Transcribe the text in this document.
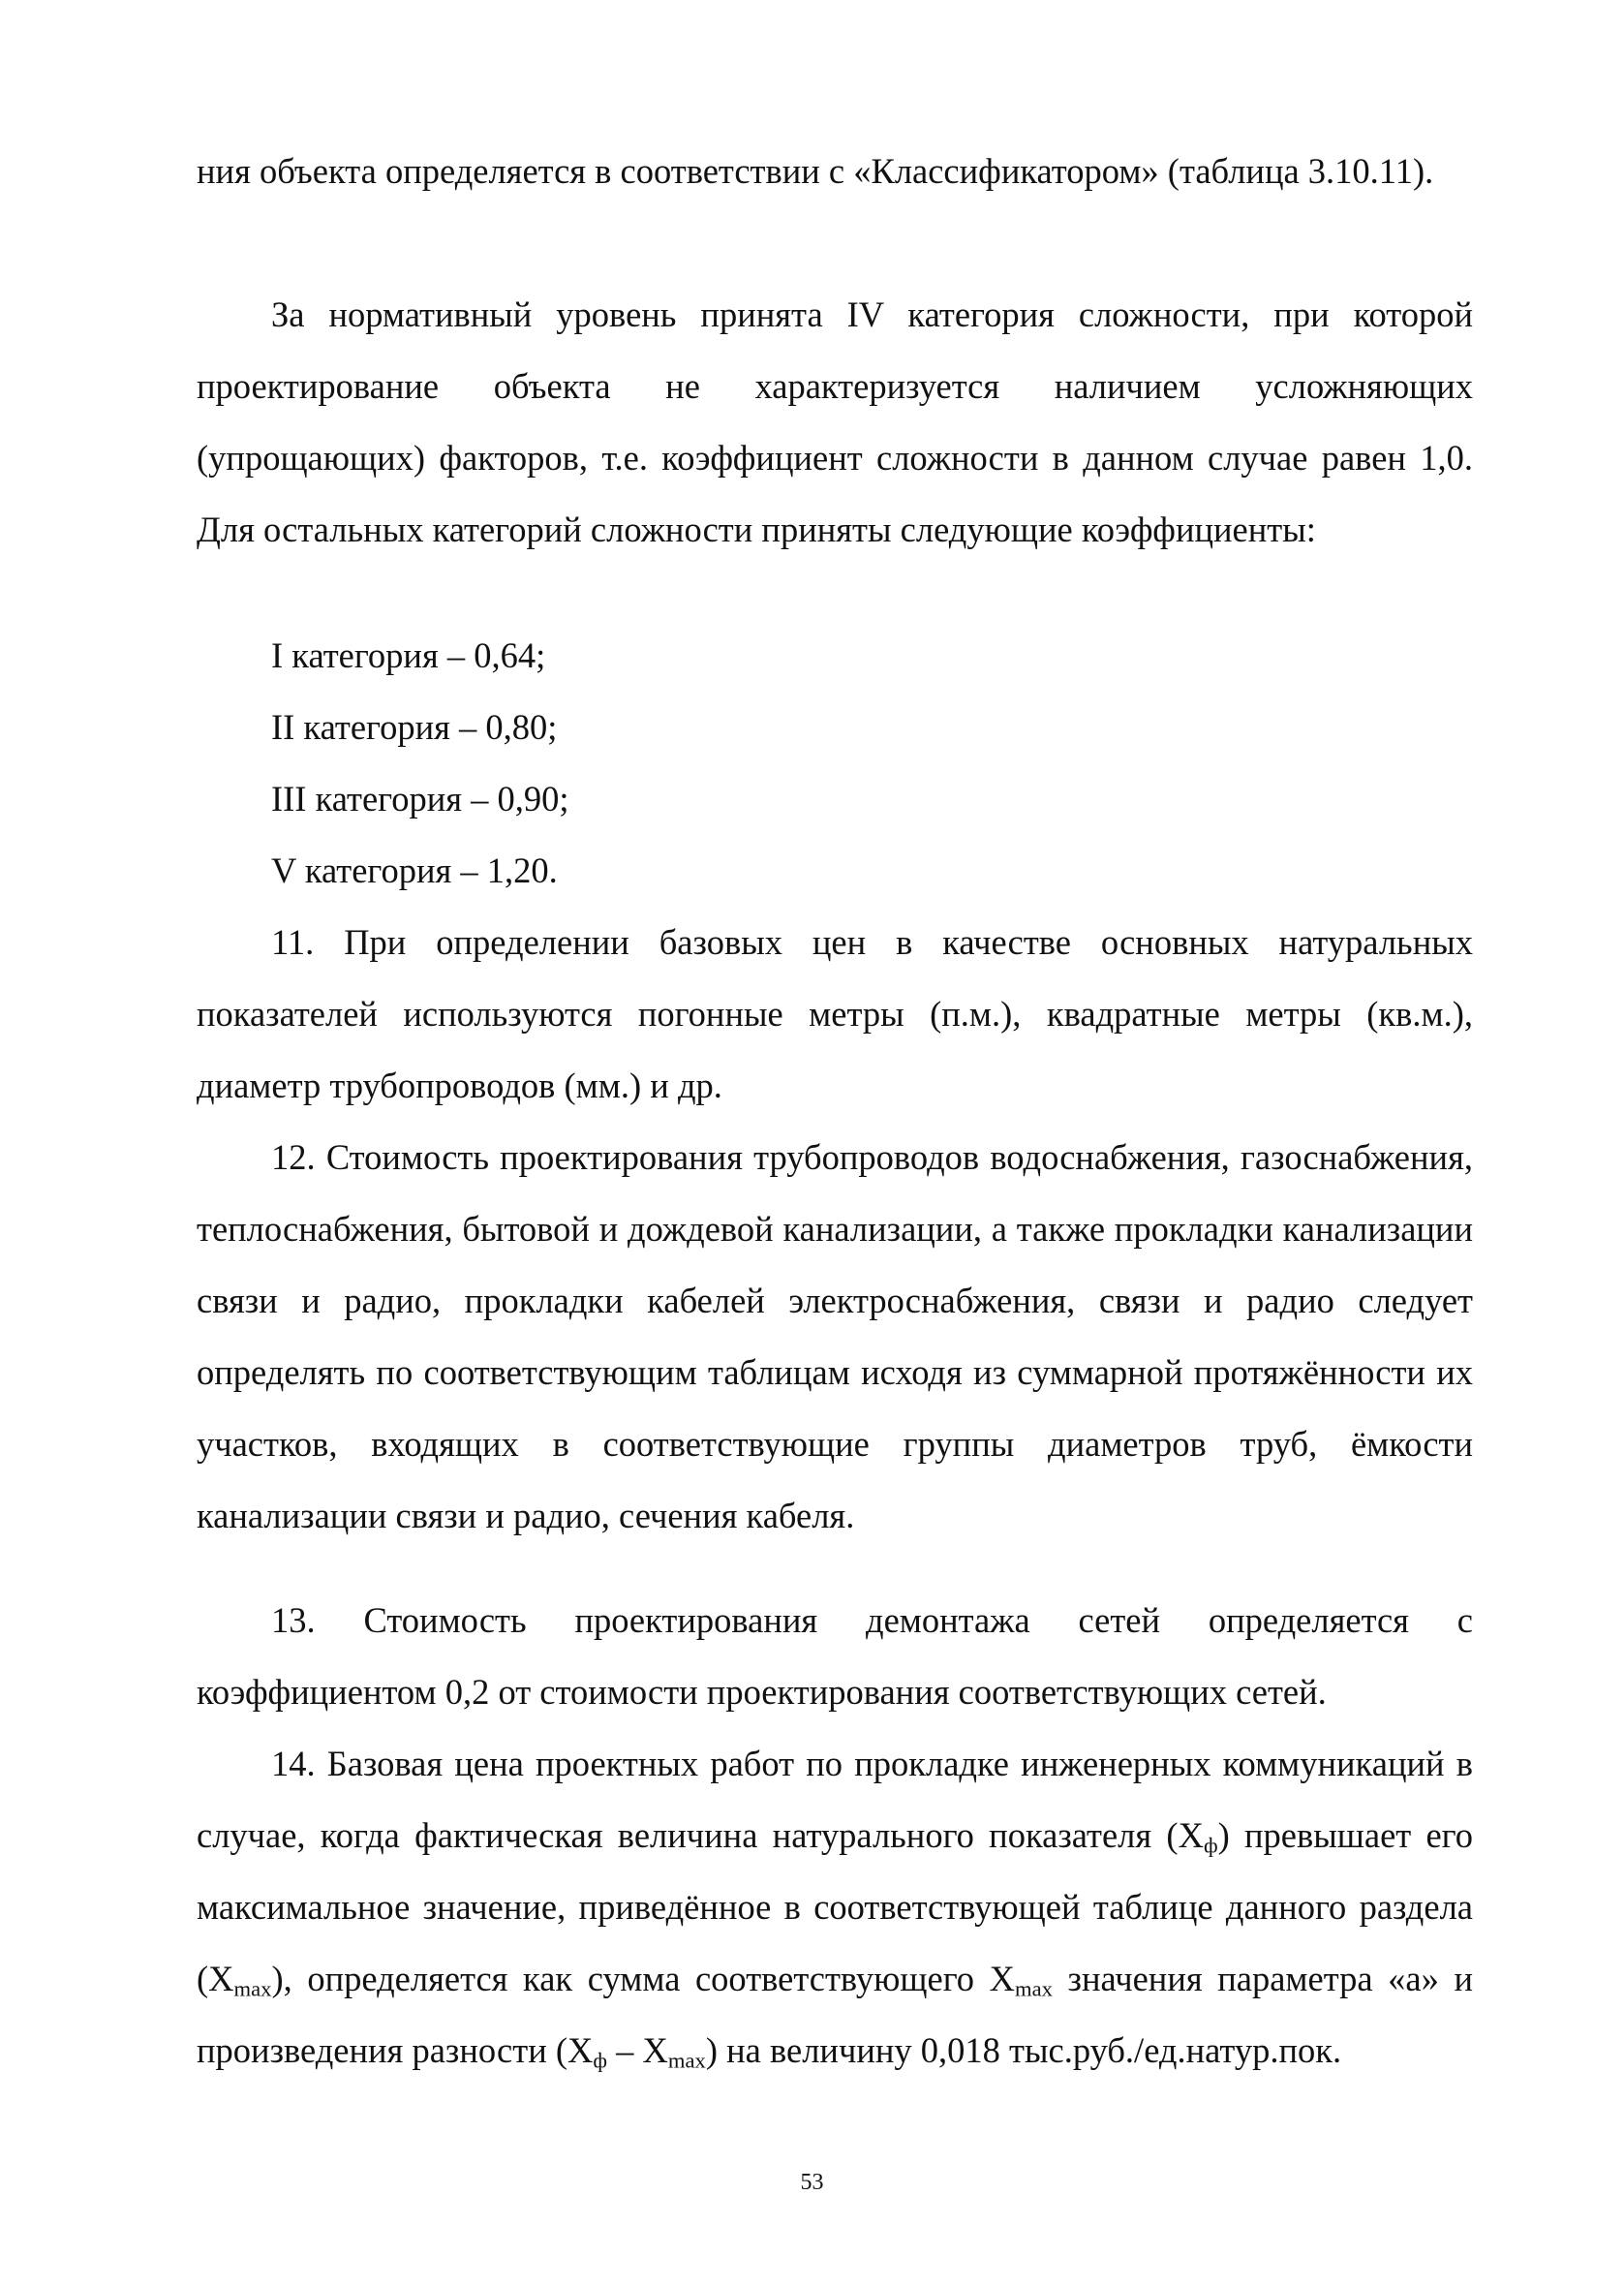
ния объекта определяется в соответствии с «Классификатором» (таблица 3.10.11).

За нормативный уровень принята IV категория сложности, при которой проектирование объекта не характеризуется наличием усложняющих (упрощающих) факторов, т.е. коэффициент сложности в данном случае равен 1,0. Для остальных категорий сложности приняты следующие коэффициенты:

I категория – 0,64;

II категория – 0,80;

III категория – 0,90;

V категория – 1,20.

11. При определении базовых цен в качестве основных натуральных показателей используются погонные метры (п.м.), квадратные метры (кв.м.), диаметр трубопроводов (мм.) и др.

12. Стоимость проектирования трубопроводов водоснабжения, газоснабжения, теплоснабжения, бытовой и дождевой канализации, а также прокладки канализации связи и радио, прокладки кабелей электроснабжения, связи и радио следует определять по соответствующим таблицам исходя из суммарной протяжённости их участков, входящих в соответствующие группы диаметров труб, ёмкости канализации связи и радио, сечения кабеля.

13. Стоимость проектирования демонтажа сетей определяется с коэффициентом 0,2 от стоимости проектирования соответствующих сетей.

14. Базовая цена проектных работ по прокладке инженерных коммуникаций в случае, когда фактическая величина натурального показателя $(X_ф)$ превышает его максимальное значение, приведённое в соответствующей таблице данного раздела $(X_{max})$, определяется как сумма соответствующего $X_{max}$ значения параметра «а» и произведения разности $(X_ф - X_{max})$ на величину 0,018 тыс.руб./ед.натур.пок.

53
